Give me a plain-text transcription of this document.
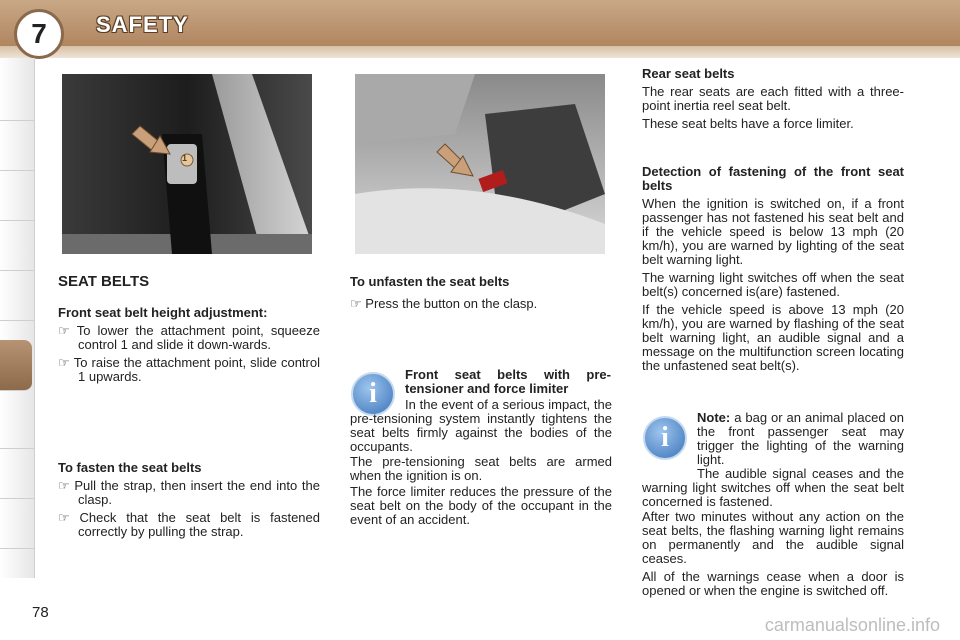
7	SAFETY
1
SEAT BELTS

Front seat belt height adjustment:

☞ To lower the attachment point, squeeze control 1 and slide it down-wards.

☞ To raise the attachment point, slide control 1 upwards.

To fasten the seat belts

☞ Pull the strap, then insert the end into the clasp.

☞ Check that the seat belt is fastened correctly by pulling the strap.

To unfasten the seat belts

☞ Press the button on the clasp.

i

Front seat belts with pre-tensioner and force limiter

In the event of a serious impact, the pre-tensioning system instantly tightens the seat belts firmly against the bodies of the occupants.
The pre-tensioning seat belts are armed when the ignition is on.
The force limiter reduces the pressure of the seat belt on the body of the occupant in the event of an accident.

Rear seat belts

The rear seats are each fitted with a three-point inertia reel seat belt.

These seat belts have a force limiter.

Detection of fastening of the front seat belts

When the ignition is switched on, if a front passenger has not fastened his seat belt and if the vehicle speed is below 13 mph (20 km/h), you are warned by lighting of the seat belt warning light.

The warning light switches off when the seat belt(s) concerned is(are) fastened.

If the vehicle speed is above 13 mph (20 km/h), you are warned by flashing of the seat belt warning light, an audible signal and a message on the multifunction screen locating the unfastened seat belt(s).

i

Note: a bag or an animal placed on the front passenger seat may trigger the lighting of the warning light.

The audible signal ceases and the warning light switches off when the seat belt concerned is fastened.

After two minutes without any action on the seat belts, the flashing warning light remains on permanently and the audible signal ceases.

All of the warnings cease when a door is opened or when the engine is switched off.

78
carmanualsonline.info
